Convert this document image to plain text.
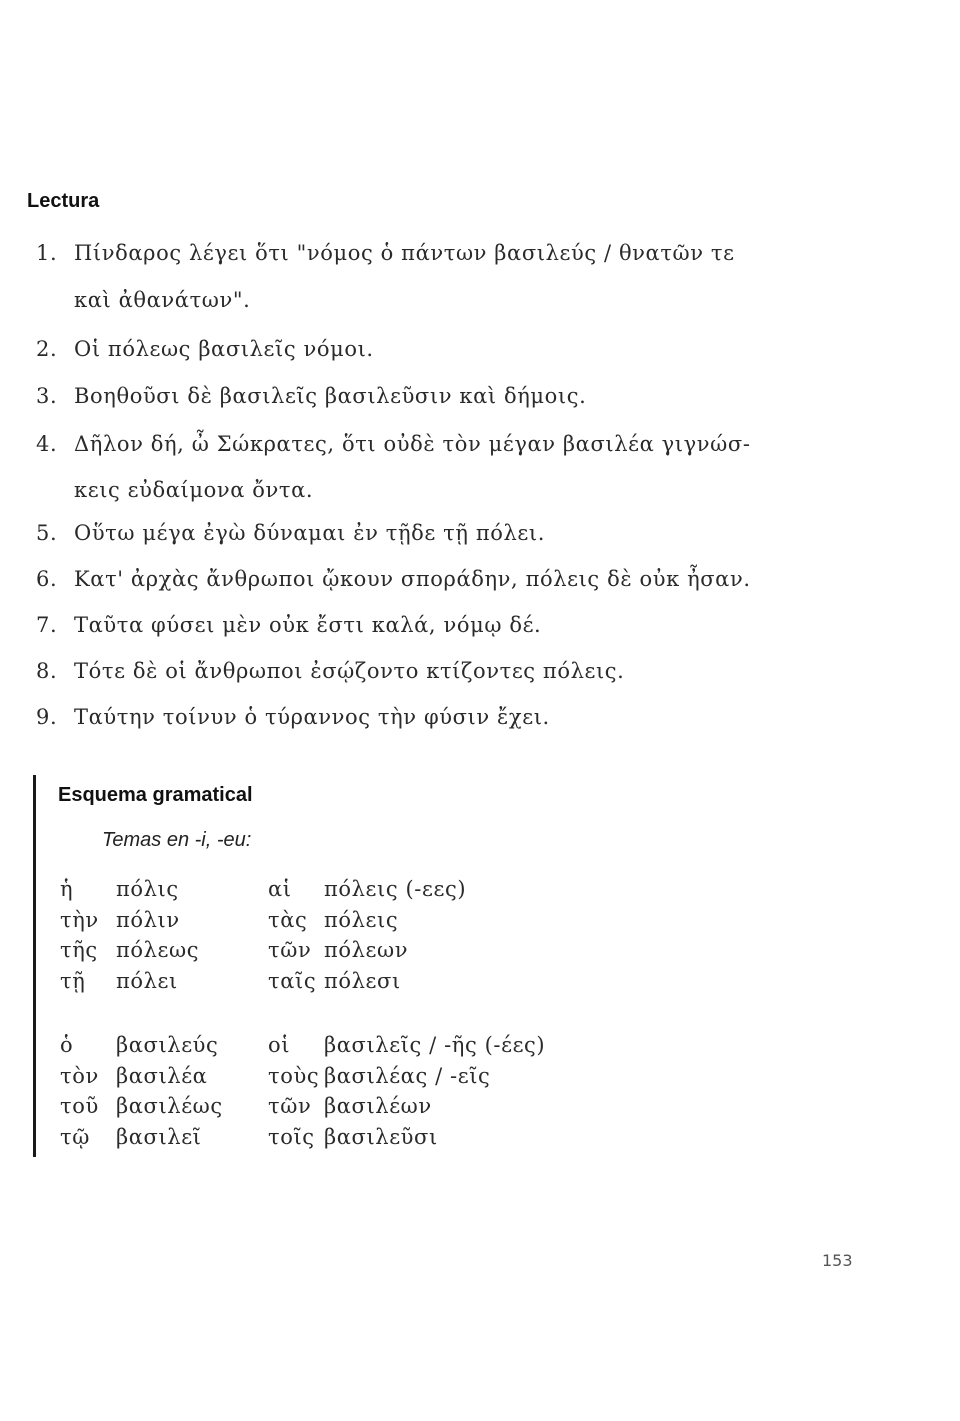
Lectura
1. Πίνδαρος λέγει ὅτι "νόμος ὁ πάντων βασιλεύς / θνατῶν τε
καὶ ἀθανάτων".
2. Οἱ πόλεως βασιλεῖς νόμοι.
3. Βοηθοῦσι δὲ βασιλεῖς βασιλεῦσιν καὶ δήμοις.
4. Δῆλον δή, ὦ Σώκρατες, ὅτι οὐδὲ τὸν μέγαν βασιλέα γιγνώσ-
κεις εὐδαίμονα ὄντα.
5. Οὕτω μέγα ἐγὼ δύναμαι ἐν τῇδε τῇ πόλει.
6. Κατ' ἀρχὰς ἄνθρωποι ᾤκουν σποράδην, πόλεις δὲ οὐκ ἦσαν.
7. Ταῦτα φύσει μὲν οὐκ ἔστι καλά, νόμῳ δέ.
8. Τότε δὲ οἱ ἄνθρωποι ἐσῴζοντο κτίζοντες πόλεις.
9. Ταύτην τοίνυν ὁ τύραννος τὴν φύσιν ἔχει.
Esquema gramatical
Temas en -i, -eu:
ἡ πόλις
τὴν πόλιν
τῆς πόλεως
τῇ πόλει
αἱ πόλεις (-εες)
τὰς πόλεις
τῶν πόλεων
ταῖς πόλεσι
ὁ βασιλεύς
τὸν βασιλέα
τοῦ βασιλέως
τῷ βασιλεῖ
οἱ βασιλεῖς / -ῆς (-έες)
τοὺς βασιλέας / -εῖς
τῶν βασιλέων
τοῖς βασιλεῦσι
153
